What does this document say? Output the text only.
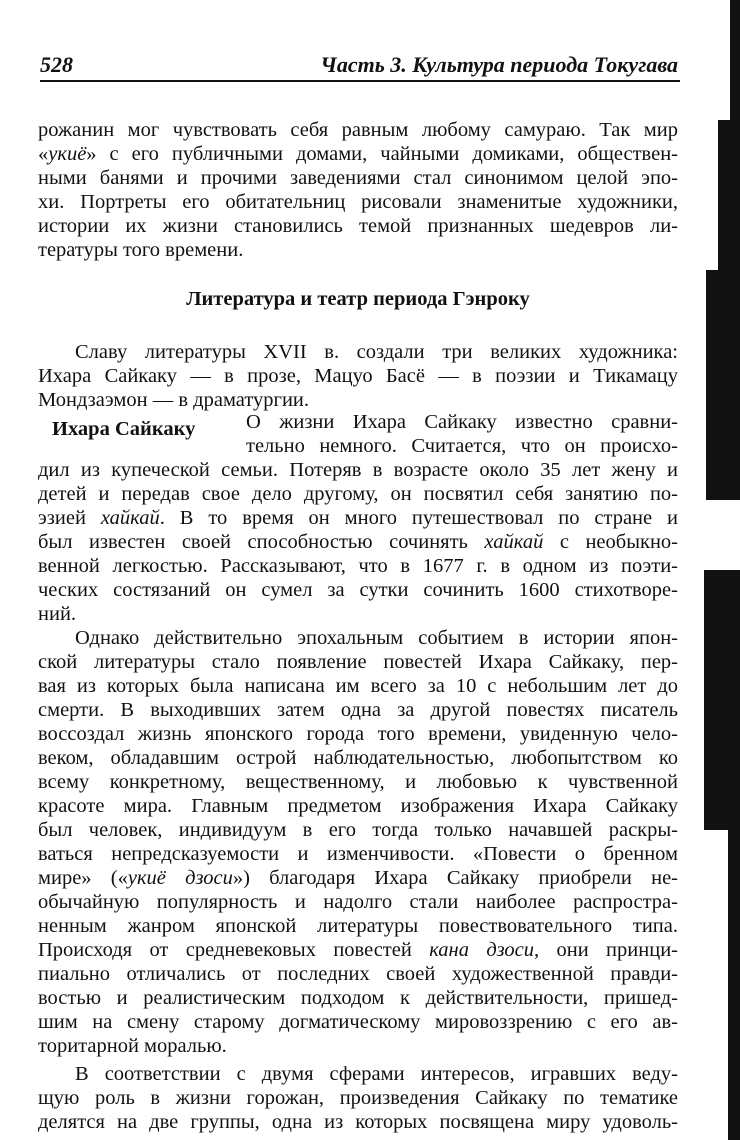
528	Часть 3. Культура периода Токугава
рожанин мог чувствовать себя равным любому самураю. Так мир
«укиё» с его публичными домами, чайными домиками, обществен-
ными банями и прочими заведениями стал синонимом целой эпо-
хи. Портреты его обитательниц рисовали знаменитые художники,
истории их жизни становились темой признанных шедевров ли-
тературы того времени.
Литература и театр периода Гэнроку
Славу литературы XVII в. создали три великих художника:
Ихара Сайкаку — в прозе, Мацуо Басё — в поэзии и Тикамацу
Мондзаэмон — в драматургии.
Ихара Сайкаку О жизни Ихара Сайкаку известно сравни-
тельно немного. Считается, что он происхо-
дил из купеческой семьи. Потеряв в возрасте около 35 лет жену и
детей и передав свое дело другому, он посвятил себя занятию по-
эзией хайкай. В то время он много путешествовал по стране и
был известен своей способностью сочинять хайкай с необыкно-
венной легкостью. Рассказывают, что в 1677 г. в одном из поэти-
ческих состязаний он сумел за сутки сочинить 1600 стихотворе-
ний.
Однако действительно эпохальным событием в истории япон-
ской литературы стало появление повестей Ихара Сайкаку, пер-
вая из которых была написана им всего за 10 с небольшим лет до
смерти. В выходивших затем одна за другой повестях писатель
воссоздал жизнь японского города того времени, увиденную чело-
веком, обладавшим острой наблюдательностью, любопытством ко
всему конкретному, вещественному, и любовью к чувственной
красоте мира. Главным предметом изображения Ихара Сайкаку
был человек, индивидуум в его тогда только начавшей раскры-
ваться непредсказуемости и изменчивости. «Повести о бренном
мире» («укиё дзоси») благодаря Ихара Сайкаку приобрели не-
обычайную популярность и надолго стали наиболее распростра-
ненным жанром японской литературы повествовательного типа.
Происходя от средневековых повестей кана дзоси, они принци-
пиально отличались от последних своей художественной правди-
востью и реалистическим подходом к действительности, пришед-
шим на смену старому догматическому мировоззрению с его ав-
торитарной моралью.
В соответствии с двумя сферами интересов, игравших веду-
щую роль в жизни горожан, произведения Сайкаку по тематике
делятся на две группы, одна из которых посвящена миру удоволь-
